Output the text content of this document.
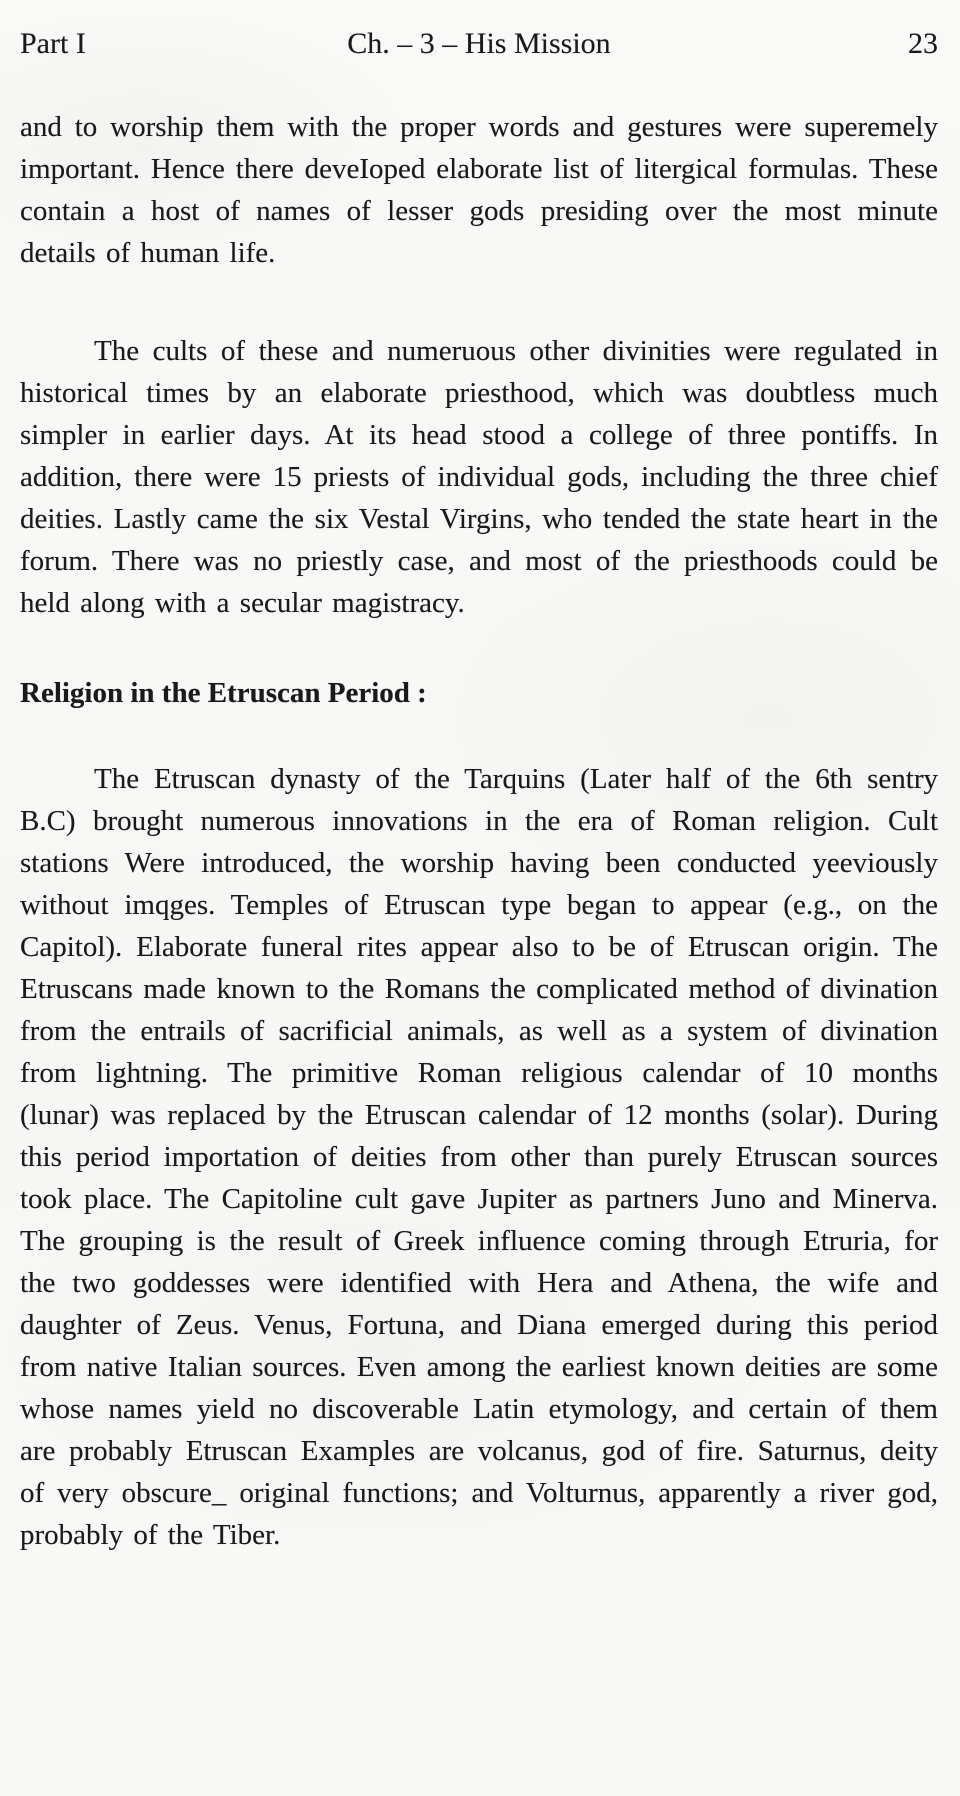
Part I	Ch. – 3 – His Mission	23

and to worship them with the proper words and gestures were superemely important. Hence there deveIoped elaborate list of litergical formulas. These contain a host of names of lesser gods presiding over the most minute details of human life.

The cults of these and numeruous other divinities were regulated in historical times by an elaborate priesthood, which was doubtless much simpler in earlier days. At its head stood a college of three pontiffs. In addition, there were 15 priests of individual gods, including the three chief deities. Lastly came the six Vestal Virgins, who tended the state heart in the forum. There was no priestly case, and most of the priesthoods could be held along with a secular magistracy.

Religion in the Etruscan Period :

The Etruscan dynasty of the Tarquins (Later half of the 6th sentry B.C) brought numerous innovations in the era of Roman religion. Cult stations Were introduced, the worship having been conducted yeeviously without imqges. Temples of Etruscan type began to appear (e.g., on the Capitol). Elaborate funeral rites appear also to be of Etruscan origin. The Etruscans made known to the Romans the complicated method of divination from the entrails of sacrificial animals, as well as a system of divination from lightning. The primitive Roman religious calendar of 10 months (lunar) was replaced by the Etruscan calendar of 12 months (solar). During this period importation of deities from other than purely Etruscan sources took place. The Capitoline cult gave Jupiter as partners Juno and Minerva. The grouping is the result of Greek influence coming through Etruria, for the two goddesses were identified with Hera and Athena, the wife and daughter of Zeus. Venus, Fortuna, and Diana emerged during this period from native Italian sources. Even among the earliest known deities are some whose names yield no discoverable Latin etymology, and certain of them are probably Etruscan Examples are volcanus, god of fire. Saturnus, deity of very obscure_ original functions; and Volturnus, apparently a river god, probably of the Tiber.
